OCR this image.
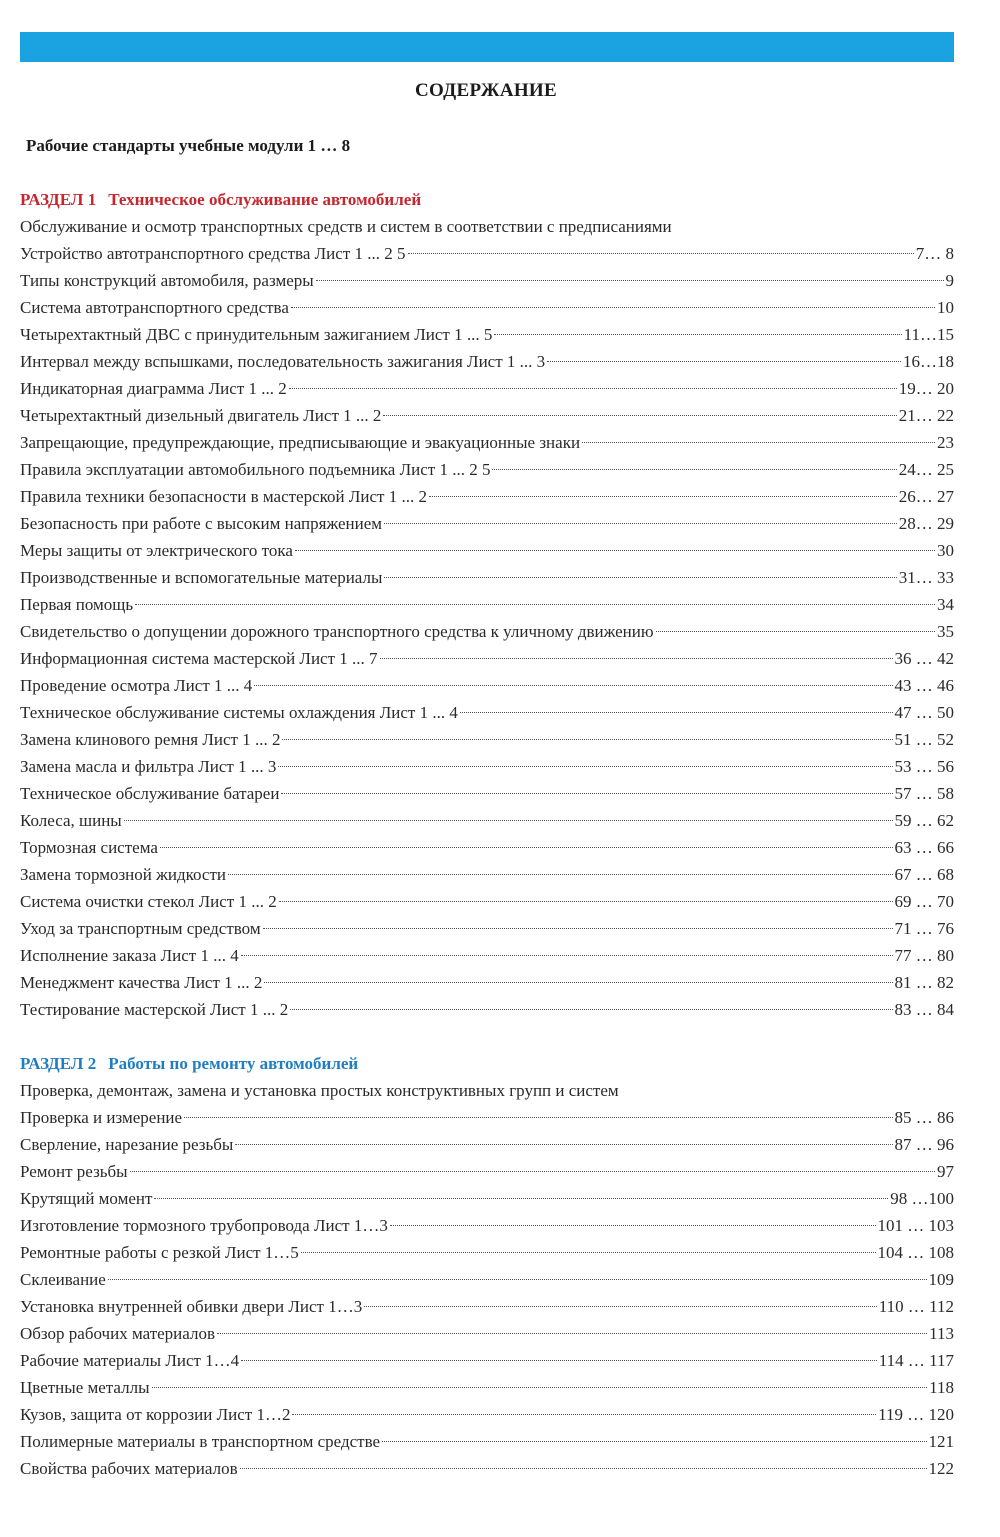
СОДЕРЖАНИЕ
Рабочие стандарты учебные модули 1 … 8
РАЗДЕЛ 1 Техническое обслуживание автомобилей
Обслуживание и осмотр транспортных средств и систем в соответствии с предписаниями
Устройство автотранспортного средства Лист 1 ... 2 5	7… 8
Типы конструкций автомобиля, размеры	9
Система автотранспортного средства	10
Четырехтактный ДВС с принудительным зажиганием Лист 1 ... 5	11…15
Интервал между вспышками, последовательность зажигания Лист 1 ... 3	16…18
Индикаторная диаграмма Лист 1 ... 2	19… 20
Четырехтактный дизельный двигатель Лист 1 ... 2	21… 22
Запрещающие, предупреждающие, предписывающие и эвакуационные знаки	23
Правила эксплуатации автомобильного подъемника Лист 1 ... 2 5	24… 25
Правила техники безопасности в мастерской Лист 1 ... 2	26… 27
Безопасность при работе с высоким напряжением	28… 29
Меры защиты от электрического тока	30
Производственные и вспомогательные материалы	31… 33
Первая помощь	34
Свидетельство о допущении дорожного транспортного средства к уличному движению	35
Информационная система мастерской Лист 1 ... 7	36 … 42
Проведение осмотра Лист 1 ... 4	43 … 46
Техническое обслуживание системы охлаждения Лист 1 ... 4	47 … 50
Замена клинового ремня Лист 1 ... 2	51 … 52
Замена масла и фильтра Лист 1 ... 3	53 … 56
Техническое обслуживание батареи	57 … 58
Колеса, шины	59 … 62
Тормозная система	63 … 66
Замена тормозной жидкости	67 … 68
Система очистки стекол Лист 1 ... 2	69 … 70
Уход за транспортным средством	71 … 76
Исполнение заказа Лист 1 ... 4	77 … 80
Менеджмент качества Лист 1 ... 2	81 … 82
Тестирование мастерской Лист 1 ... 2	83 … 84
РАЗДЕЛ 2 Работы по ремонту автомобилей
Проверка, демонтаж, замена и установка простых конструктивных групп и систем
Проверка и измерение	85 … 86
Сверление, нарезание резьбы	87 … 96
Ремонт резьбы	97
Крутящий момент	98 …100
Изготовление тормозного трубопровода Лист 1…3	101 … 103
Ремонтные работы с резкой Лист 1…5	104 … 108
Склеивание	109
Установка внутренней обивки двери Лист 1…3	110 … 112
Обзор рабочих материалов	113
Рабочие материалы Лист 1…4	114 … 117
Цветные металлы	118
Кузов, защита от коррозии Лист 1…2	119 … 120
Полимерные материалы в транспортном средстве	121
Свойства рабочих материалов	122
